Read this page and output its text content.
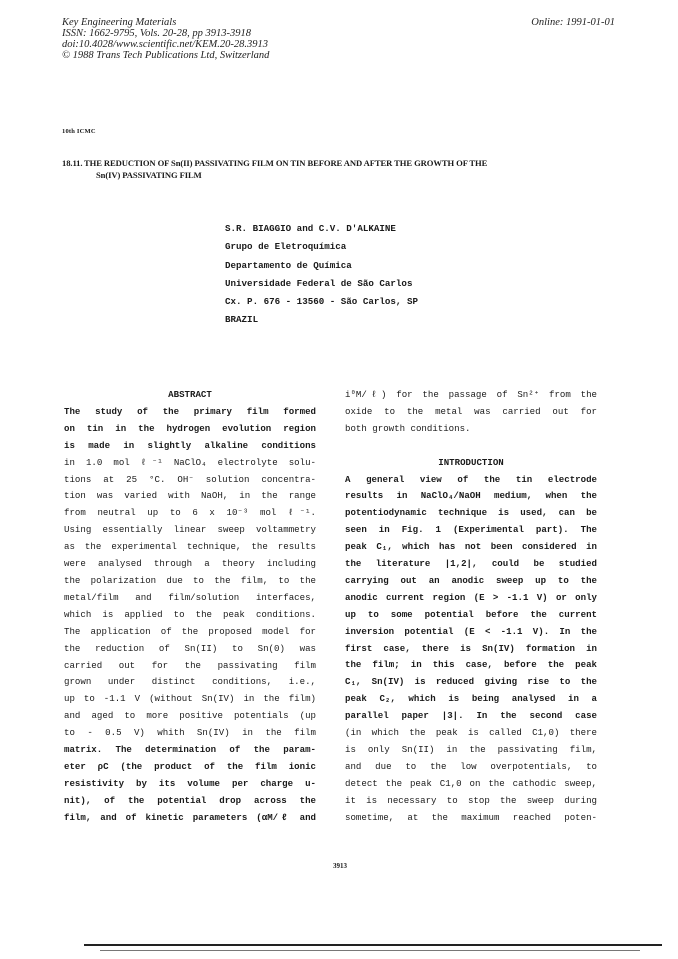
Key Engineering Materials
ISSN: 1662-9795, Vols. 20-28, pp 3913-3918
doi:10.4028/www.scientific.net/KEM.20-28.3913
© 1988 Trans Tech Publications Ltd, Switzerland
Online: 1991-01-01
10th ICMC
18.11. THE REDUCTION OF Sn(II) PASSIVATING FILM ON TIN BEFORE AND AFTER THE GROWTH OF THE
Sn(IV) PASSIVATING FILM
S.R. BIAGGIO and C.V. D'ALKAINE
Grupo de Eletroquímica
Departamento de Química
Universidade Federal de São Carlos
Cx. P. 676 - 13560 - São Carlos, SP
BRAZIL
ABSTRACT
The study of the primary film formed
on tin in the hydrogen evolution region
is made in slightly alkaline conditions
in 1.0 mol ℓ⁻¹ NaClO₄ electrolyte solu-
tions at 25 °C. OH⁻ solution concentra-
tion was varied with NaOH, in the range
from neutral up to 6 x 10⁻³ mol ℓ⁻¹.
Using essentially linear sweep voltammetry
as the experimental technique, the results
were analysed through a theory including
the polarization due to the film, to the
metal/film and film/solution interfaces,
which is applied to the peak conditions.
The application of the proposed model for
the reduction of Sn(II) to Sn(0) was
carried out for the passivating film
grown under distinct conditions, i.e.,
up to -1.1 V (without Sn(IV) in the film)
and aged to more positive potentials (up
to - 0.5 V) whith Sn(IV) in the film
matrix. The determination of the param-
eter ρC (the product of the film ionic
resistivity by its volume per charge u-
nit), of the potential drop across the
film, and of kinetic parameters (αM/ℓ and
i⁰M/ℓ) for the passage of Sn²⁺ from the
oxide to the metal was carried out for
both growth conditions.
INTRODUCTION
A general view of the tin electrode
results in NaClO₄/NaOH medium, when the
potentiodynamic technique is used, can be
seen in Fig. 1 (Experimental part). The
peak C₁, which has not been considered in
the literature |1,2|, could be studied
carrying out an anodic sweep up to the
anodic current region (E > -1.1 V) or only
up to some potential before the current
inversion potential (E < -1.1 V). In the
first case, there is Sn(IV) formation in
the film; in this case, before the peak
C₁, Sn(IV) is reduced giving rise to the
peak C₂, which is being analysed in a
parallel paper |3|. In the second case
(in which the peak is called C1,0) there
is only Sn(II) in the passivating film,
and due to the low overpotentials, to
detect the peak C1,0 on the cathodic sweep,
it is necessary to stop the sweep during
sometime, at the maximum reached poten-
3913
